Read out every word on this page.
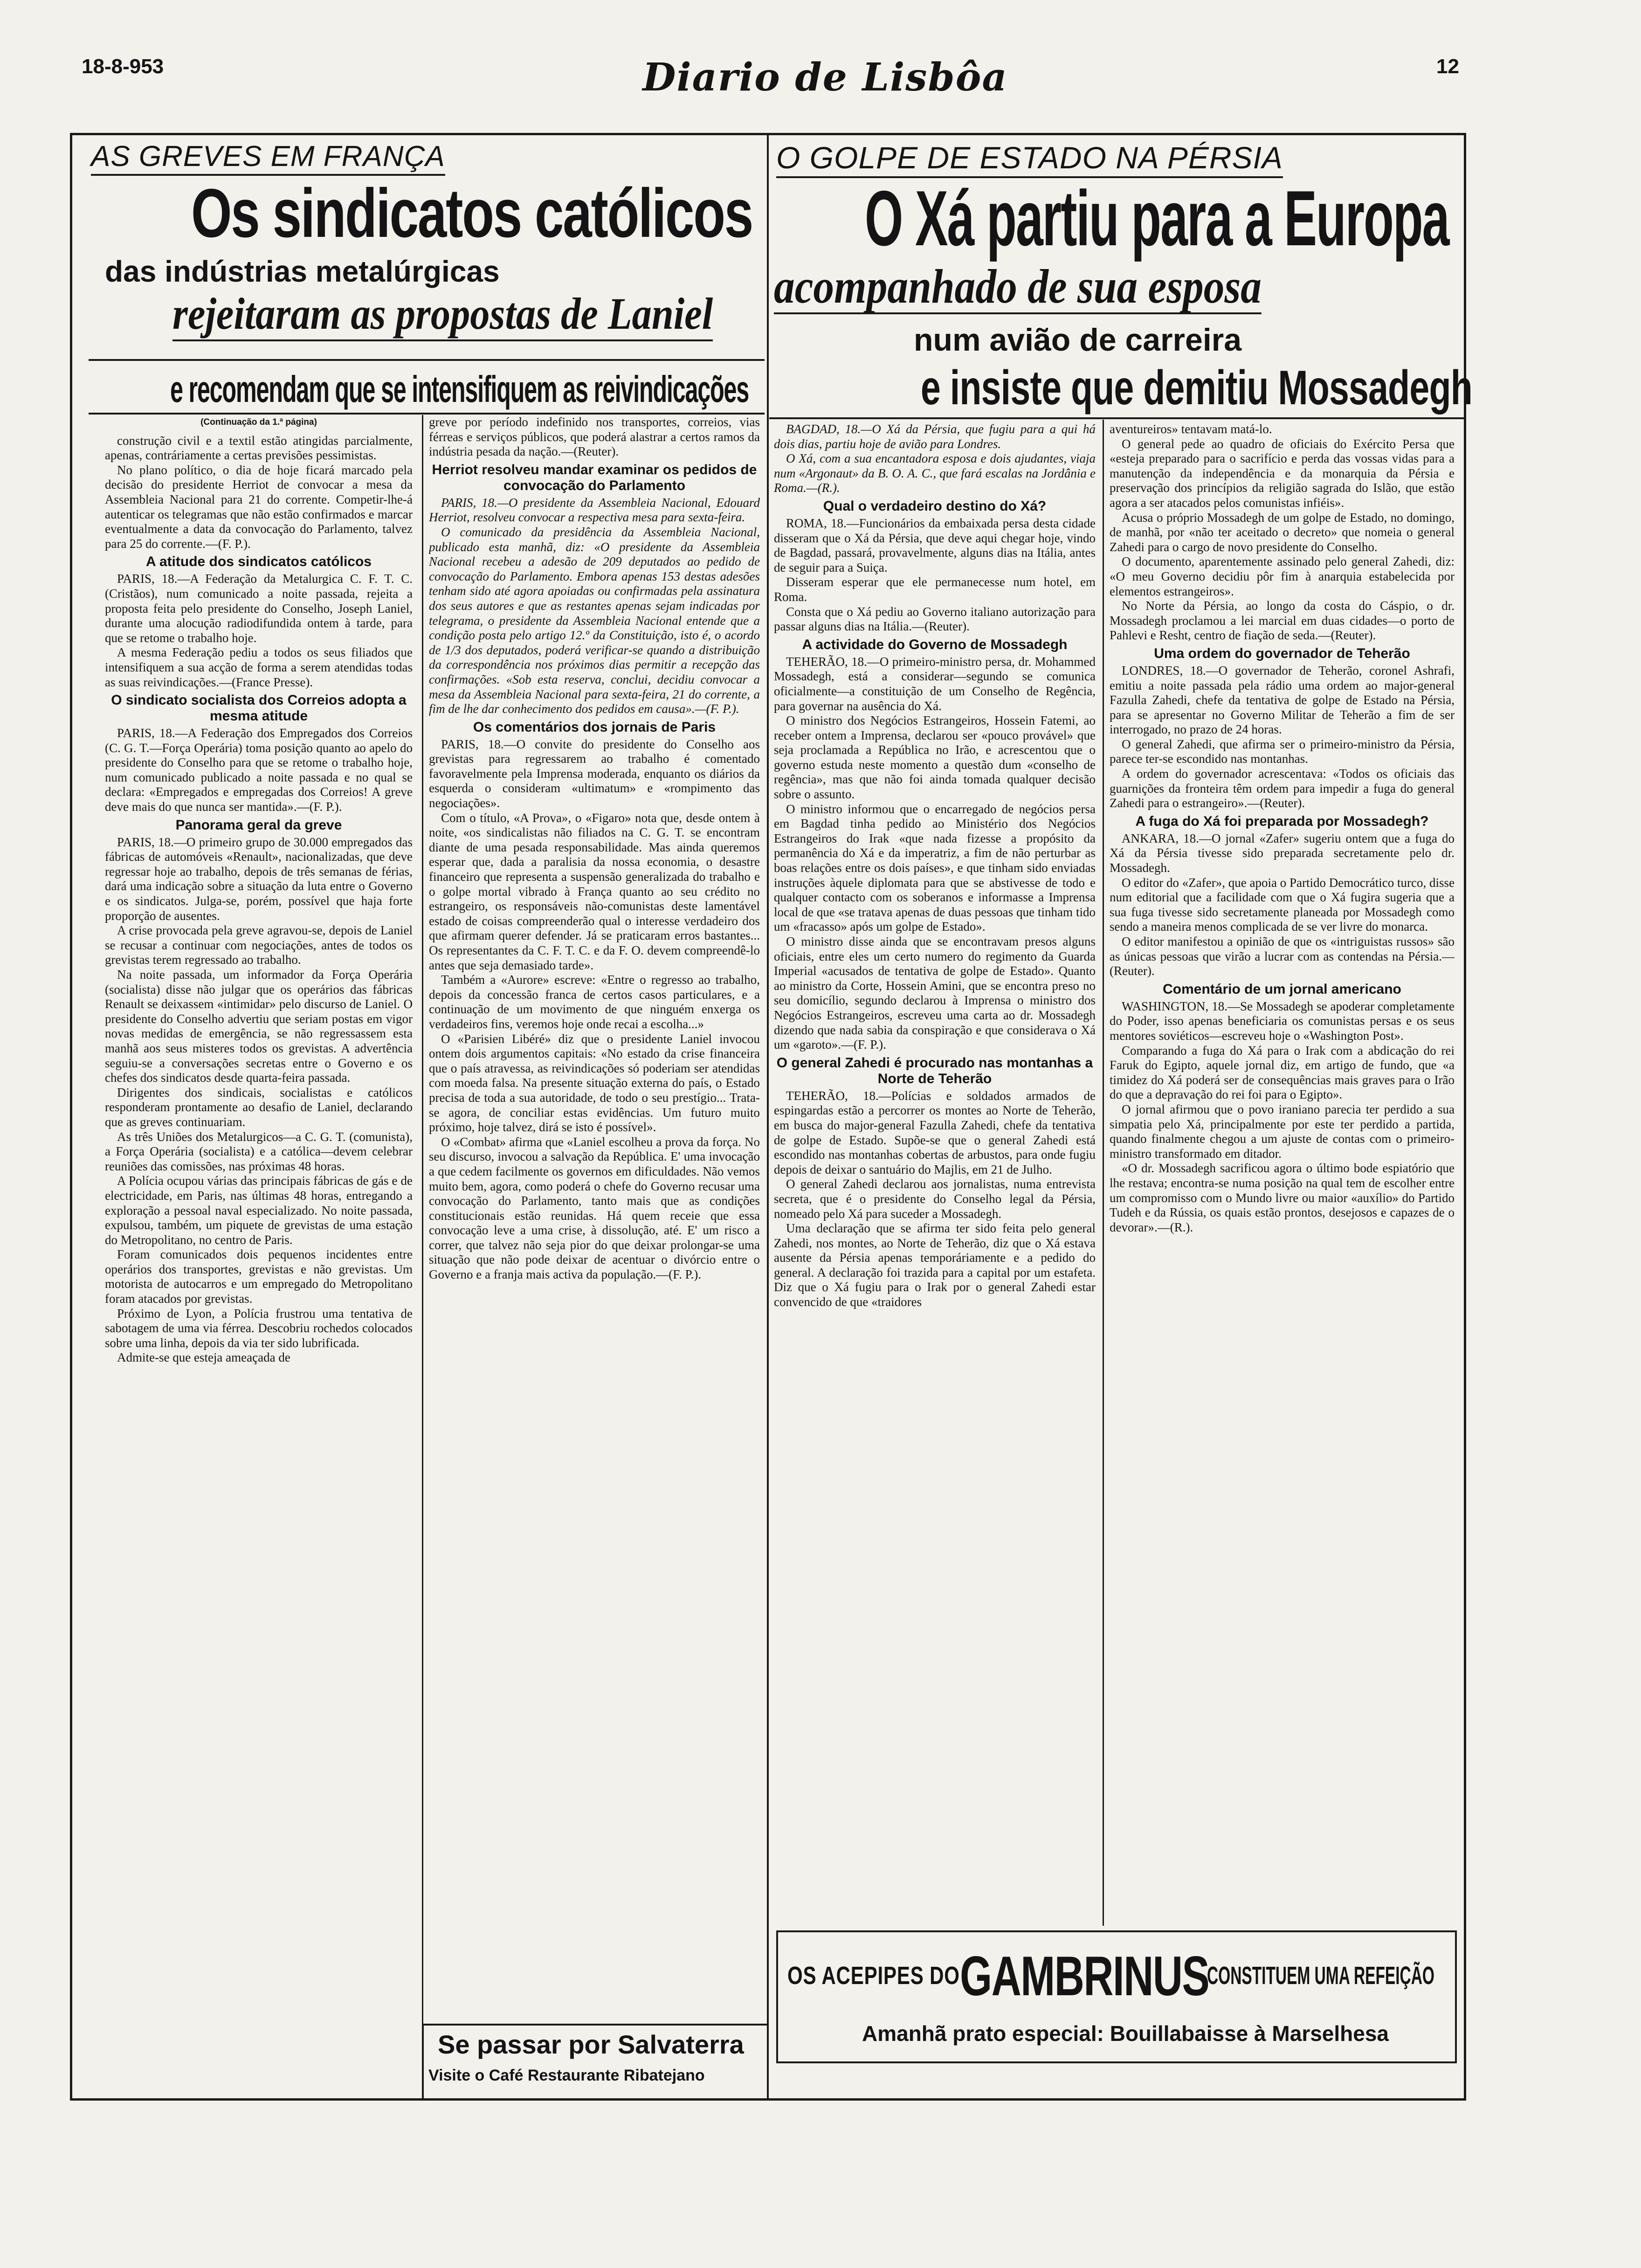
18-8-953	Diario de Lisbôa	12
AS GREVES EM FRANÇA
Os sindicatos católicos
das indústrias metalúrgicas
rejeitaram as propostas de Laniel
e recomendam que se intensifiquem as reivindicações
(Continuação da 1.ª página)

construção civil e a textil estão atingidas parcialmente, apenas, contráriamente a certas previsões pessimistas.

No plano político, o dia de hoje ficará marcado pela decisão do presidente Herriot de convocar a mesa da Assembleia Nacional para 21 do corrente. Competir-lhe-á autenticar os telegramas que não estão confirmados e marcar eventualmente a data da convocação do Parlamento, talvez para 25 do corrente.—(F. P.).

A atitude dos sindicatos católicos

PARIS, 18.—A Federação da Metalurgica C. F. T. C. (Cristãos), num comunicado a noite passada, rejeita a proposta feita pelo presidente do Conselho, Joseph Laniel, durante uma alocução radiodifundida ontem à tarde, para que se retome o trabalho hoje.

A mesma Federação pediu a todos os seus filiados que intensifiquem a sua acção de forma a serem atendidas todas as suas reivindicações.—(France Presse).

O sindicato socialista dos Correios adopta a mesma atitude

PARIS, 18.—A Federação dos Empregados dos Correios (C. G. T.—Força Operária) toma posição quanto ao apelo do presidente do Conselho para que se retome o trabalho hoje, num comunicado publicado a noite passada e no qual se declara: «Empregados e empregadas dos Correios! A greve deve mais do que nunca ser mantida».—(F. P.).

Panorama geral da greve

PARIS, 18.—O primeiro grupo de 30.000 empregados das fábricas de automóveis «Renault», nacionalizadas, que deve regressar hoje ao trabalho, depois de três semanas de férias, dará uma indicação sobre a situação da luta entre o Governo e os sindicatos. Julga-se, porém, possível que haja forte proporção de ausentes.

A crise provocada pela greve agravou-se, depois de Laniel se recusar a continuar com negociações, antes de todos os grevistas terem regressado ao trabalho.

Na noite passada, um informador da Força Operária (socialista) disse não julgar que os operários das fábricas Renault se deixassem «intimidar» pelo discurso de Laniel. O presidente do Conselho advertiu que seriam postas em vigor novas medidas de emergência, se não regressassem esta manhã aos seus misteres todos os grevistas. A advertência seguiu-se a conversações secretas entre o Governo e os chefes dos sindicatos desde quarta-feira passada.

Dirigentes dos sindicais, socialistas e católicos responderam prontamente ao desafio de Laniel, declarando que as greves continuariam.

As três Uniões dos Metalurgicos—a C. G. T. (comunista), a Força Operária (socialista) e a católica—devem celebrar reuniões das comissões, nas próximas 48 horas.

A Polícia ocupou várias das principais fábricas de gás e de electricidade, em Paris, nas últimas 48 horas, entregando a exploração a pessoal naval especializado. No noite passada, expulsou, também, um piquete de grevistas de uma estação do Metropolitano, no centro de Paris.

Foram comunicados dois pequenos incidentes entre operários dos transportes, grevistas e não grevistas. Um motorista de autocarros e um empregado do Metropolitano foram atacados por grevistas.

Próximo de Lyon, a Polícia frustrou uma tentativa de sabotagem de uma via férrea. Descobriu rochedos colocados sobre uma linha, depois da via ter sido lubrificada.

Admite-se que esteja ameaçada de

greve por período indefinido nos transportes, correios, vias férreas e serviços públicos, que poderá alastrar a certos ramos da indústria pesada da nação.—(Reuter).

Herriot resolveu mandar examinar os pedidos de convocação do Parlamento

PARIS, 18.—O presidente da Assembleia Nacional, Edouard Herriot, resolveu convocar a respectiva mesa para sexta-feira.

O comunicado da presidência da Assembleia Nacional, publicado esta manhã, diz: «O presidente da Assembleia Nacional recebeu a adesão de 209 deputados ao pedido de convocação do Parlamento. Embora apenas 153 destas adesões tenham sido até agora apoiadas ou confirmadas pela assinatura dos seus autores e que as restantes apenas sejam indicadas por telegrama, o presidente da Assembleia Nacional entende que a condição posta pelo artigo 12.º da Constituição, isto é, o acordo de 1/3 dos deputados, poderá verificar-se quando a distribuição da correspondência nos próximos dias permitir a recepção das confirmações. «Sob esta reserva, conclui, decidiu convocar a mesa da Assembleia Nacional para sexta-feira, 21 do corrente, a fim de lhe dar conhecimento dos pedidos em causa».—(F. P.).

Os comentários dos jornais de Paris

PARIS, 18.—O convite do presidente do Conselho aos grevistas para regressarem ao trabalho é comentado favoravelmente pela Imprensa moderada, enquanto os diários da esquerda o consideram «ultimatum» e «rompimento das negociações».

Com o título, «A Prova», o «Figaro» nota que, desde ontem à noite, «os sindicalistas não filiados na C. G. T. se encontram diante de uma pesada responsabilidade. Mas ainda queremos esperar que, dada a paralisia da nossa economia, o desastre financeiro que representa a suspensão generalizada do trabalho e o golpe mortal vibrado à França quanto ao seu crédito no estrangeiro, os responsáveis não-comunistas deste lamentável estado de coisas compreenderão qual o interesse verdadeiro dos que afirmam querer defender. Já se praticaram erros bastantes... Os representantes da C. F. T. C. e da F. O. devem compreendê-lo antes que seja demasiado tarde».

Também a «Aurore» escreve: «Entre o regresso ao trabalho, depois da concessão franca de certos casos particulares, e a continuação de um movimento de que ninguém enxerga os verdadeiros fins, veremos hoje onde recai a escolha...»

O «Parisien Libéré» diz que o presidente Laniel invocou ontem dois argumentos capitais: «No estado da crise financeira que o país atravessa, as reivindicações só poderiam ser atendidas com moeda falsa. Na presente situação externa do país, o Estado precisa de toda a sua autoridade, de todo o seu prestígio... Trata-se agora, de conciliar estas evidências. Um futuro muito próximo, hoje talvez, dirá se isto é possível».

O «Combat» afirma que «Laniel escolheu a prova da força. No seu discurso, invocou a salvação da República. E' uma invocação a que cedem facilmente os governos em dificuldades. Não vemos muito bem, agora, como poderá o chefe do Governo recusar uma convocação do Parlamento, tanto mais que as condições constitucionais estão reunidas. Há quem receie que essa convocação leve a uma crise, à dissolução, até. E' um risco a correr, que talvez não seja pior do que deixar prolongar-se uma situação que não pode deixar de acentuar o divórcio entre o Governo e a franja mais activa da população.—(F. P.).

Se passar por Salvaterra
Visite o Café Restaurante Ribatejano
O GOLPE DE ESTADO NA PÉRSIA
O Xá partiu para a Europa
acompanhado de sua esposa
num avião de carreira
e insiste que demitiu Mossadegh

BAGDAD, 18.—O Xá da Pérsia, que fugiu para a qui há dois dias, partiu hoje de avião para Londres.

O Xá, com a sua encantadora esposa e dois ajudantes, viaja num «Argonaut» da B. O. A. C., que fará escalas na Jordânia e Roma.—(R.).

Qual o verdadeiro destino do Xá?

ROMA, 18.—Funcionários da embaixada persa desta cidade disseram que o Xá da Pérsia, que deve aqui chegar hoje, vindo de Bagdad, passará, provavelmente, alguns dias na Itália, antes de seguir para a Suiça.

Disseram esperar que ele permanecesse num hotel, em Roma.

Consta que o Xá pediu ao Governo italiano autorização para passar alguns dias na Itália.—(Reuter).

A actividade do Governo de Mossadegh

TEHERÃO, 18.—O primeiro-ministro persa, dr. Mohammed Mossadegh, está a considerar—segundo se comunica oficialmente—a constituição de um Conselho de Regência, para governar na ausência do Xá.

O ministro dos Negócios Estrangeiros, Hossein Fatemi, ao receber ontem a Imprensa, declarou ser «pouco provável» que seja proclamada a República no Irão, e acrescentou que o governo estuda neste momento a questão dum «conselho de regência», mas que não foi ainda tomada qualquer decisão sobre o assunto.

O ministro informou que o encarregado de negócios persa em Bagdad tinha pedido ao Ministério dos Negócios Estrangeiros do Irak «que nada fizesse a propósito da permanência do Xá e da imperatriz, a fim de não perturbar as boas relações entre os dois países», e que tinham sido enviadas instruções àquele diplomata para que se abstivesse de todo e qualquer contacto com os soberanos e informasse a Imprensa local de que «se tratava apenas de duas pessoas que tinham tido um «fracasso» após um golpe de Estado».

O ministro disse ainda que se encontravam presos alguns oficiais, entre eles um certo numero do regimento da Guarda Imperial «acusados de tentativa de golpe de Estado». Quanto ao ministro da Corte, Hossein Amini, que se encontra preso no seu domicílio, segundo declarou à Imprensa o ministro dos Negócios Estrangeiros, escreveu uma carta ao dr. Mossadegh dizendo que nada sabia da conspiração e que considerava o Xá um «garoto».—(F. P.).

O general Zahedi é procurado nas montanhas a Norte de Teherão

TEHERÃO, 18.—Polícias e soldados armados de espingardas estão a percorrer os montes ao Norte de Teherão, em busca do major-general Fazulla Zahedi, chefe da tentativa de golpe de Estado. Supõe-se que o general Zahedi está escondido nas montanhas cobertas de arbustos, para onde fugiu depois de deixar o santuário do Majlis, em 21 de Julho.

O general Zahedi declarou aos jornalistas, numa entrevista secreta, que é o presidente do Conselho legal da Pérsia, nomeado pelo Xá para suceder a Mossadegh.

Uma declaração que se afirma ter sido feita pelo general Zahedi, nos montes, ao Norte de Teherão, diz que o Xá estava ausente da Pérsia apenas temporáriamente e a pedido do general. A declaração foi trazida para a capital por um estafeta. Diz que o Xá fugiu para o Irak por o general Zahedi estar convencido de que «traidores

aventureiros» tentavam matá-lo.

O general pede ao quadro de oficiais do Exército Persa que «esteja preparado para o sacrifício e perda das vossas vidas para a manutenção da independência e da monarquia da Pérsia e preservação dos princípios da religião sagrada do Islão, que estão agora a ser atacados pelos comunistas infiéis».

Acusa o próprio Mossadegh de um golpe de Estado, no domingo, de manhã, por «não ter aceitado o decreto» que nomeia o general Zahedi para o cargo de novo presidente do Conselho.

O documento, aparentemente assinado pelo general Zahedi, diz: «O meu Governo decidiu pôr fim à anarquia estabelecida por elementos estrangeiros».

No Norte da Pérsia, ao longo da costa do Cáspio, o dr. Mossadegh proclamou a lei marcial em duas cidades—o porto de Pahlevi e Resht, centro de fiação de seda.—(Reuter).

Uma ordem do governador de Teherão

LONDRES, 18.—O governador de Teherão, coronel Ashrafi, emitiu a noite passada pela rádio uma ordem ao major-general Fazulla Zahedi, chefe da tentativa de golpe de Estado na Pérsia, para se apresentar no Governo Militar de Teherão a fim de ser interrogado, no prazo de 24 horas.

O general Zahedi, que afirma ser o primeiro-ministro da Pérsia, parece ter-se escondido nas montanhas.

A ordem do governador acrescentava: «Todos os oficiais das guarnições da fronteira têm ordem para impedir a fuga do general Zahedi para o estrangeiro».—(Reuter).

A fuga do Xá foi preparada por Mossadegh?

ANKARA, 18.—O jornal «Zafer» sugeriu ontem que a fuga do Xá da Pérsia tivesse sido preparada secretamente pelo dr. Mossadegh.

O editor do «Zafer», que apoia o Partido Democrático turco, disse num editorial que a facilidade com que o Xá fugira sugeria que a sua fuga tivesse sido secretamente planeada por Mossadegh como sendo a maneira menos complicada de se ver livre do monarca.

O editor manifestou a opinião de que os «intriguistas russos» são as únicas pessoas que virão a lucrar com as contendas na Pérsia.—(Reuter).

Comentário de um jornal americano

WASHINGTON, 18.—Se Mossadegh se apoderar completamente do Poder, isso apenas beneficiaria os comunistas persas e os seus mentores soviéticos—escreveu hoje o «Washington Post».

Comparando a fuga do Xá para o Irak com a abdicação do rei Faruk do Egipto, aquele jornal diz, em artigo de fundo, que «a timidez do Xá poderá ser de consequências mais graves para o Irão do que a depravação do rei foi para o Egipto».

O jornal afirmou que o povo iraniano parecia ter perdido a sua simpatia pelo Xá, principalmente por este ter perdido a partida, quando finalmente chegou a um ajuste de contas com o primeiro-ministro transformado em ditador.

«O dr. Mossadegh sacrificou agora o último bode espiatório que lhe restava; encontra-se numa posição na qual tem de escolher entre um compromisso com o Mundo livre ou maior «auxílio» do Partido Tudeh e da Rússia, os quais estão prontos, desejosos e capazes de o devorar».—(R.).

OS ACEPIPES DO GAMBRINUS
CONSTITUEM UMA REFEIÇÃO
Amanhã prato especial: Bouillabaisse à Marselhesa
